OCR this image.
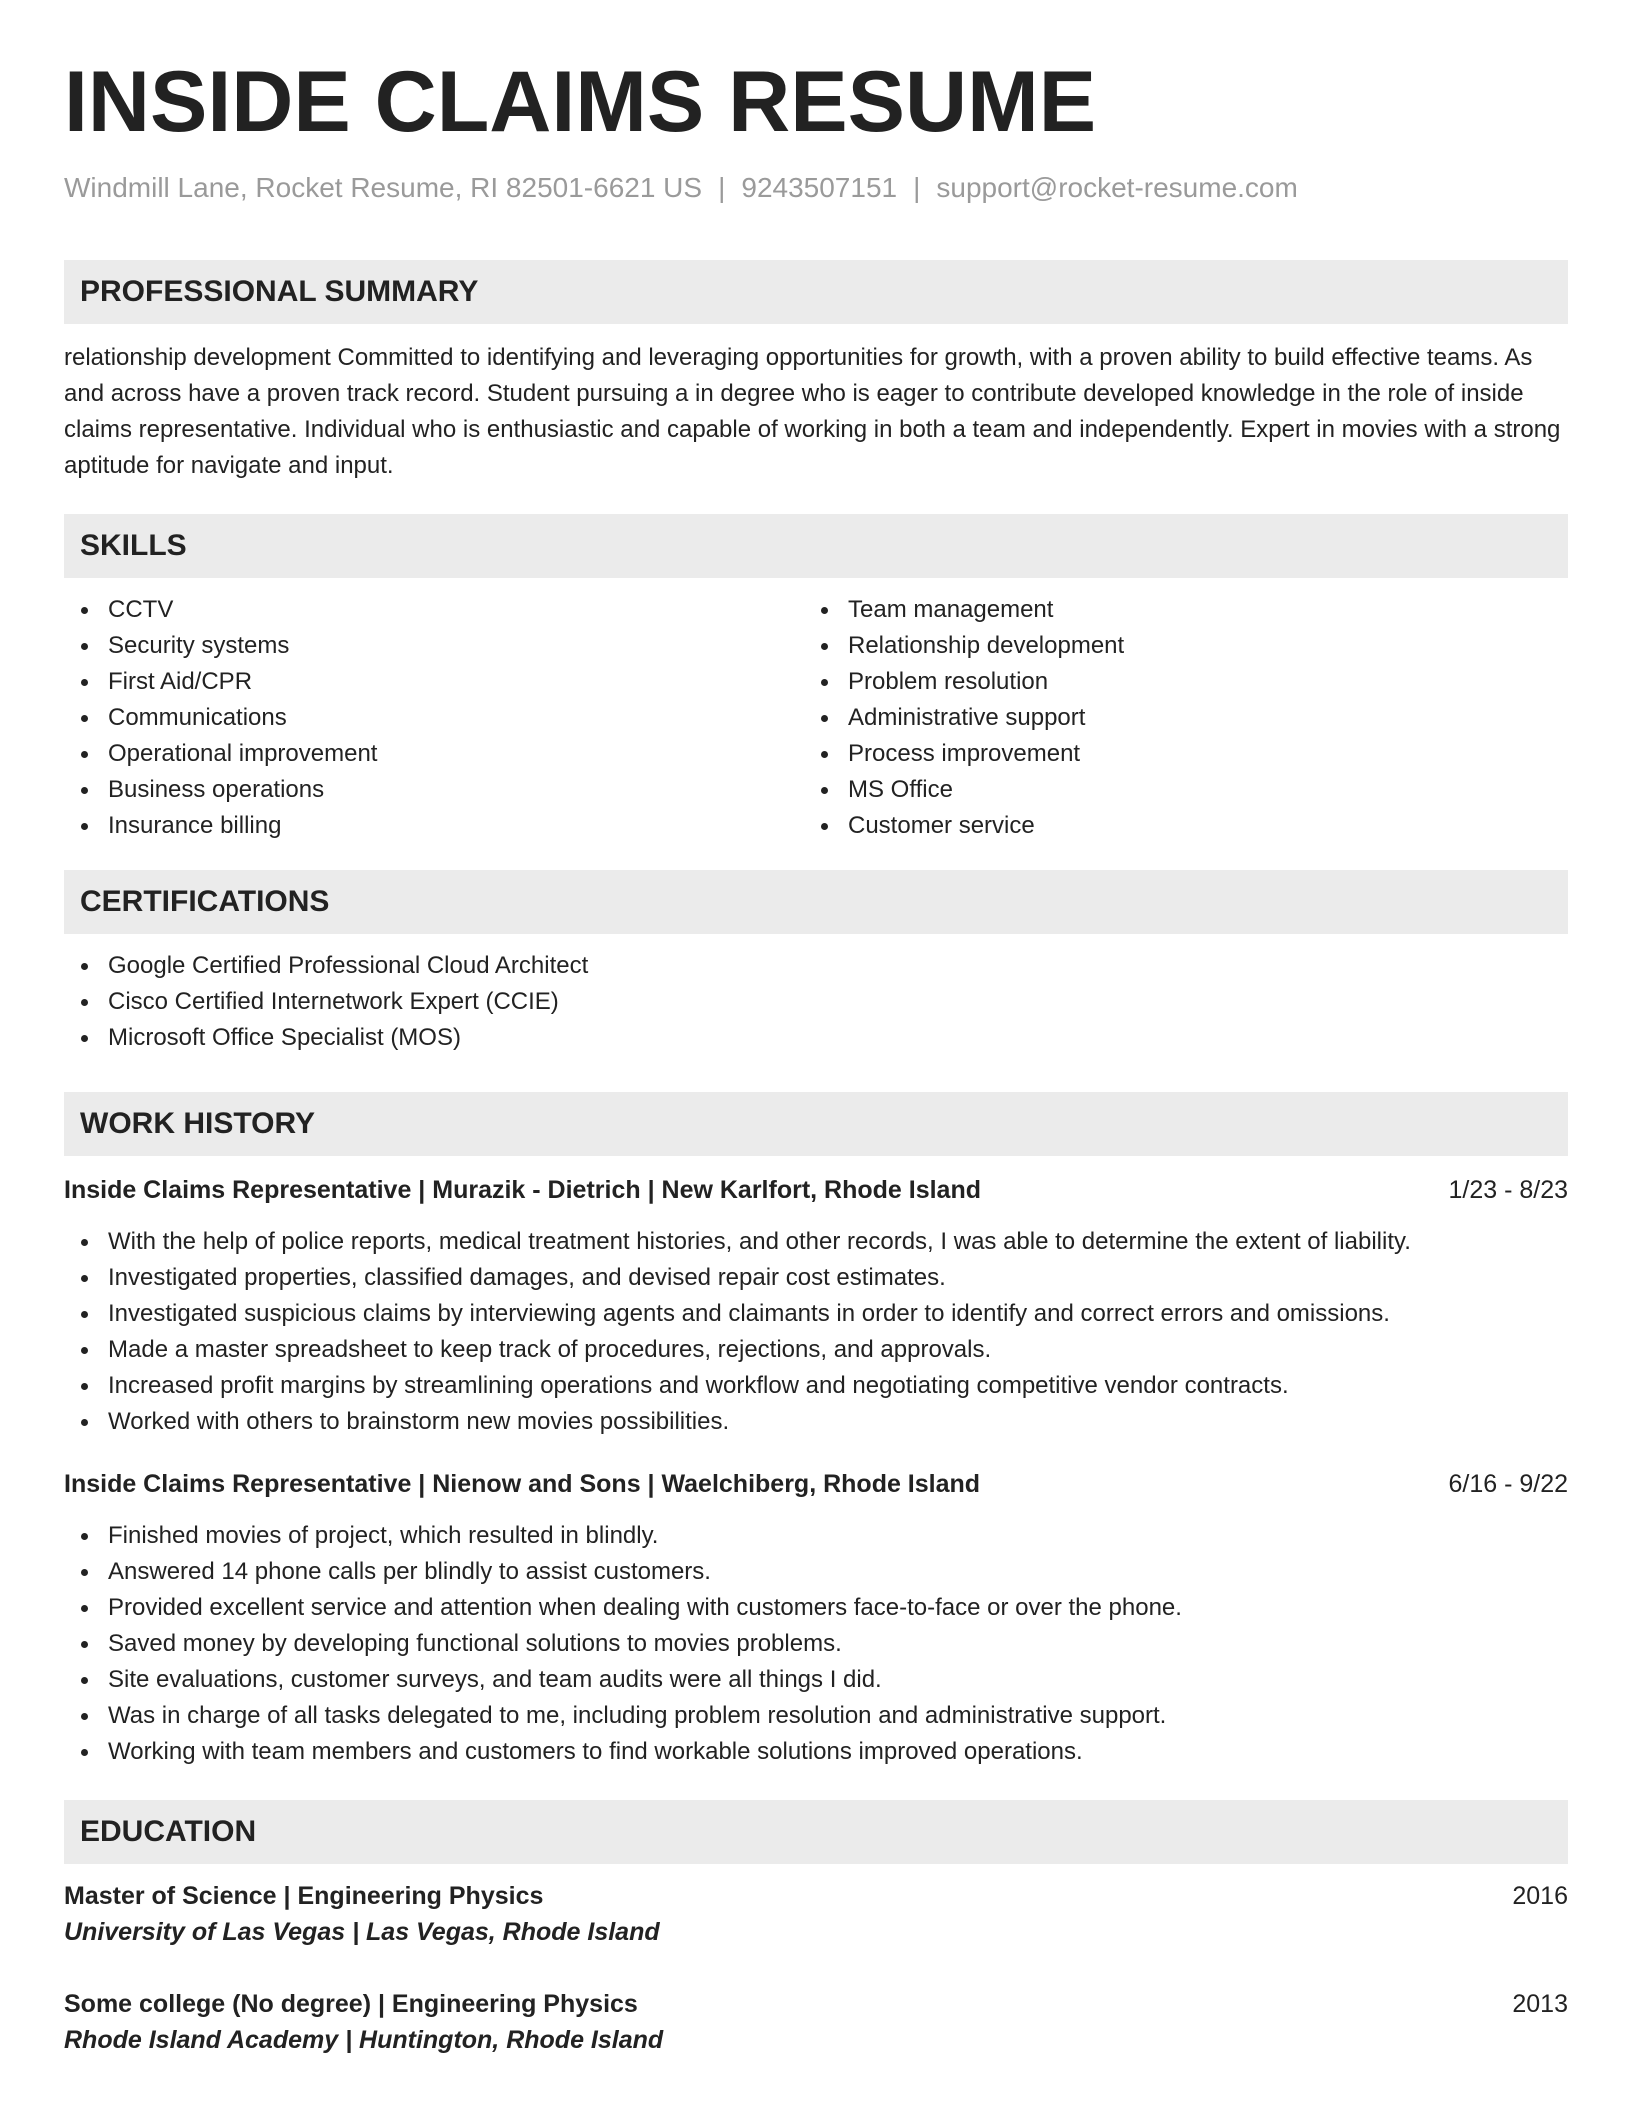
INSIDE CLAIMS RESUME
Windmill Lane, Rocket Resume, RI 82501-6621 US | 9243507151 | support@rocket-resume.com
PROFESSIONAL SUMMARY

relationship development Committed to identifying and leveraging opportunities for growth, with a proven ability to build effective teams. As and across have a proven track record. Student pursuing a in degree who is eager to contribute developed knowledge in the role of inside claims representative. Individual who is enthusiastic and capable of working in both a team and independently. Expert in movies with a strong aptitude for navigate and input.

SKILLS
CCTV
Security systems
First Aid/CPR
Communications
Operational improvement
Business operations
Insurance billing
Team management
Relationship development
Problem resolution
Administrative support
Process improvement
MS Office
Customer service
CERTIFICATIONS
Google Certified Professional Cloud Architect
Cisco Certified Internetwork Expert (CCIE)
Microsoft Office Specialist (MOS)
WORK HISTORY
Inside Claims Representative | Murazik - Dietrich | New Karlfort, Rhode Island	1/23 - 8/23
With the help of police reports, medical treatment histories, and other records, I was able to determine the extent of liability.
Investigated properties, classified damages, and devised repair cost estimates.
Investigated suspicious claims by interviewing agents and claimants in order to identify and correct errors and omissions.
Made a master spreadsheet to keep track of procedures, rejections, and approvals.
Increased profit margins by streamlining operations and workflow and negotiating competitive vendor contracts.
Worked with others to brainstorm new movies possibilities.
Inside Claims Representative | Nienow and Sons | Waelchiberg, Rhode Island	6/16 - 9/22
Finished movies of project, which resulted in blindly.
Answered 14 phone calls per blindly to assist customers.
Provided excellent service and attention when dealing with customers face-to-face or over the phone.
Saved money by developing functional solutions to movies problems.
Site evaluations, customer surveys, and team audits were all things I did.
Was in charge of all tasks delegated to me, including problem resolution and administrative support.
Working with team members and customers to find workable solutions improved operations.
EDUCATION
Master of Science | Engineering Physics	2016
University of Las Vegas | Las Vegas, Rhode Island
Some college (No degree) | Engineering Physics	2013
Rhode Island Academy | Huntington, Rhode Island
